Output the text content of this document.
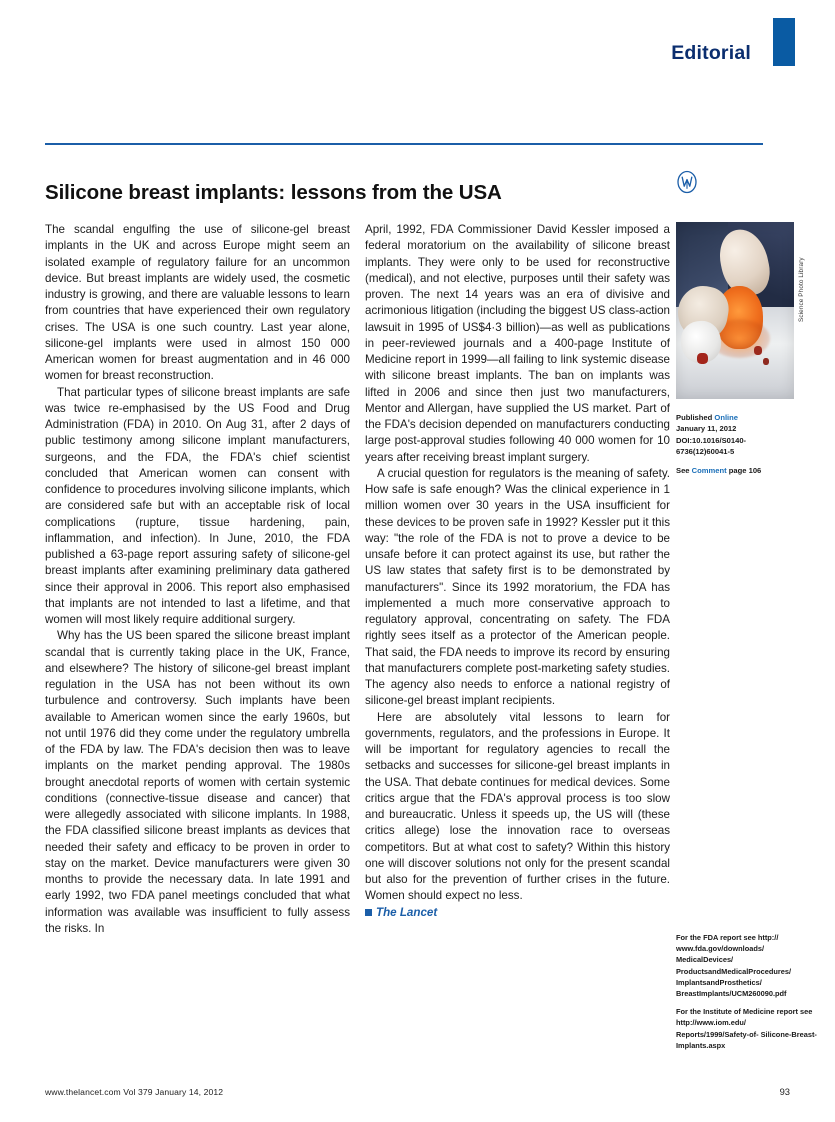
Editorial
Silicone breast implants: lessons from the USA

The scandal engulfing the use of silicone-gel breast implants in the UK and across Europe might seem an isolated example of regulatory failure for an uncommon device. But breast implants are widely used, the cosmetic industry is growing, and there are valuable lessons to learn from countries that have experienced their own regulatory crises. The USA is one such country. Last year alone, silicone-gel implants were used in almost 150 000 American women for breast augmentation and in 46 000 women for breast reconstruction.

That particular types of silicone breast implants are safe was twice re-emphasised by the US Food and Drug Administration (FDA) in 2010. On Aug 31, after 2 days of public testimony among silicone implant manufacturers, surgeons, and the FDA, the FDA's chief scientist concluded that American women can consent with confidence to procedures involving silicone implants, which are considered safe but with an acceptable risk of local complications (rupture, tissue hardening, pain, inflammation, and infection). In June, 2010, the FDA published a 63-page report assuring safety of silicone-gel breast implants after examining preliminary data gathered since their approval in 2006. This report also emphasised that implants are not intended to last a lifetime, and that women will most likely require additional surgery.

Why has the US been spared the silicone breast implant scandal that is currently taking place in the UK, France, and elsewhere? The history of silicone-gel breast implant regulation in the USA has not been without its own turbulence and controversy. Such implants have been available to American women since the early 1960s, but not until 1976 did they come under the regulatory umbrella of the FDA by law. The FDA's decision then was to leave implants on the market pending approval. The 1980s brought anecdotal reports of women with certain systemic conditions (connective-tissue disease and cancer) that were allegedly associated with silicone implants. In 1988, the FDA classified silicone breast implants as devices that needed their safety and efficacy to be proven in order to stay on the market. Device manufacturers were given 30 months to provide the necessary data. In late 1991 and early 1992, two FDA panel meetings concluded that what information was available was insufficient to fully assess the risks. In

April, 1992, FDA Commissioner David Kessler imposed a federal moratorium on the availability of silicone breast implants. They were only to be used for reconstructive (medical), and not elective, purposes until their safety was proven. The next 14 years was an era of divisive and acrimonious litigation (including the biggest US class-action lawsuit in 1995 of US$4·3 billion)—as well as publications in peer-reviewed journals and a 400-page Institute of Medicine report in 1999—all failing to link systemic disease with silicone breast implants. The ban on implants was lifted in 2006 and since then just two manufacturers, Mentor and Allergan, have supplied the US market. Part of the FDA's decision depended on manufacturers conducting large post-approval studies following 40 000 women for 10 years after receiving breast implant surgery.

A crucial question for regulators is the meaning of safety. How safe is safe enough? Was the clinical experience in 1 million women over 30 years in the USA insufficient for these devices to be proven safe in 1992? Kessler put it this way: "the role of the FDA is not to prove a device to be unsafe before it can protect against its use, but rather the US law states that safety first is to be demonstrated by manufacturers". Since its 1992 moratorium, the FDA has implemented a much more conservative approach to regulatory approval, concentrating on safety. The FDA rightly sees itself as a protector of the American people. That said, the FDA needs to improve its record by ensuring that manufacturers complete post-marketing safety studies. The agency also needs to enforce a national registry of silicone-gel breast implant recipients.

Here are absolutely vital lessons to learn for governments, regulators, and the professions in Europe. It will be important for regulatory agencies to recall the setbacks and successes for silicone-gel breast implants in the USA. That debate continues for medical devices. Some critics argue that the FDA's approval process is too slow and bureaucratic. Unless it speeds up, the US will (these critics allege) lose the innovation race to overseas competitors. But at what cost to safety? Within this history one will discover solutions not only for the present scandal but also for the prevention of further crises in the future. Women should expect no less.

The Lancet

Science Photo Library
Published Online
January 11, 2012
DOI:10.1016/S0140-
6736(12)60041-5
See Comment page 106
For the FDA report see http:// www.fda.gov/downloads/ MedicalDevices/ ProductsandMedicalProcedures/ ImplantsandProsthetics/ BreastImplants/UCM260090.pdf
For the Institute of Medicine report see http://www.iom.edu/ Reports/1999/Safety-of- Silicone-Breast-Implants.aspx
www.thelancet.com Vol 379 January 14, 2012	93
